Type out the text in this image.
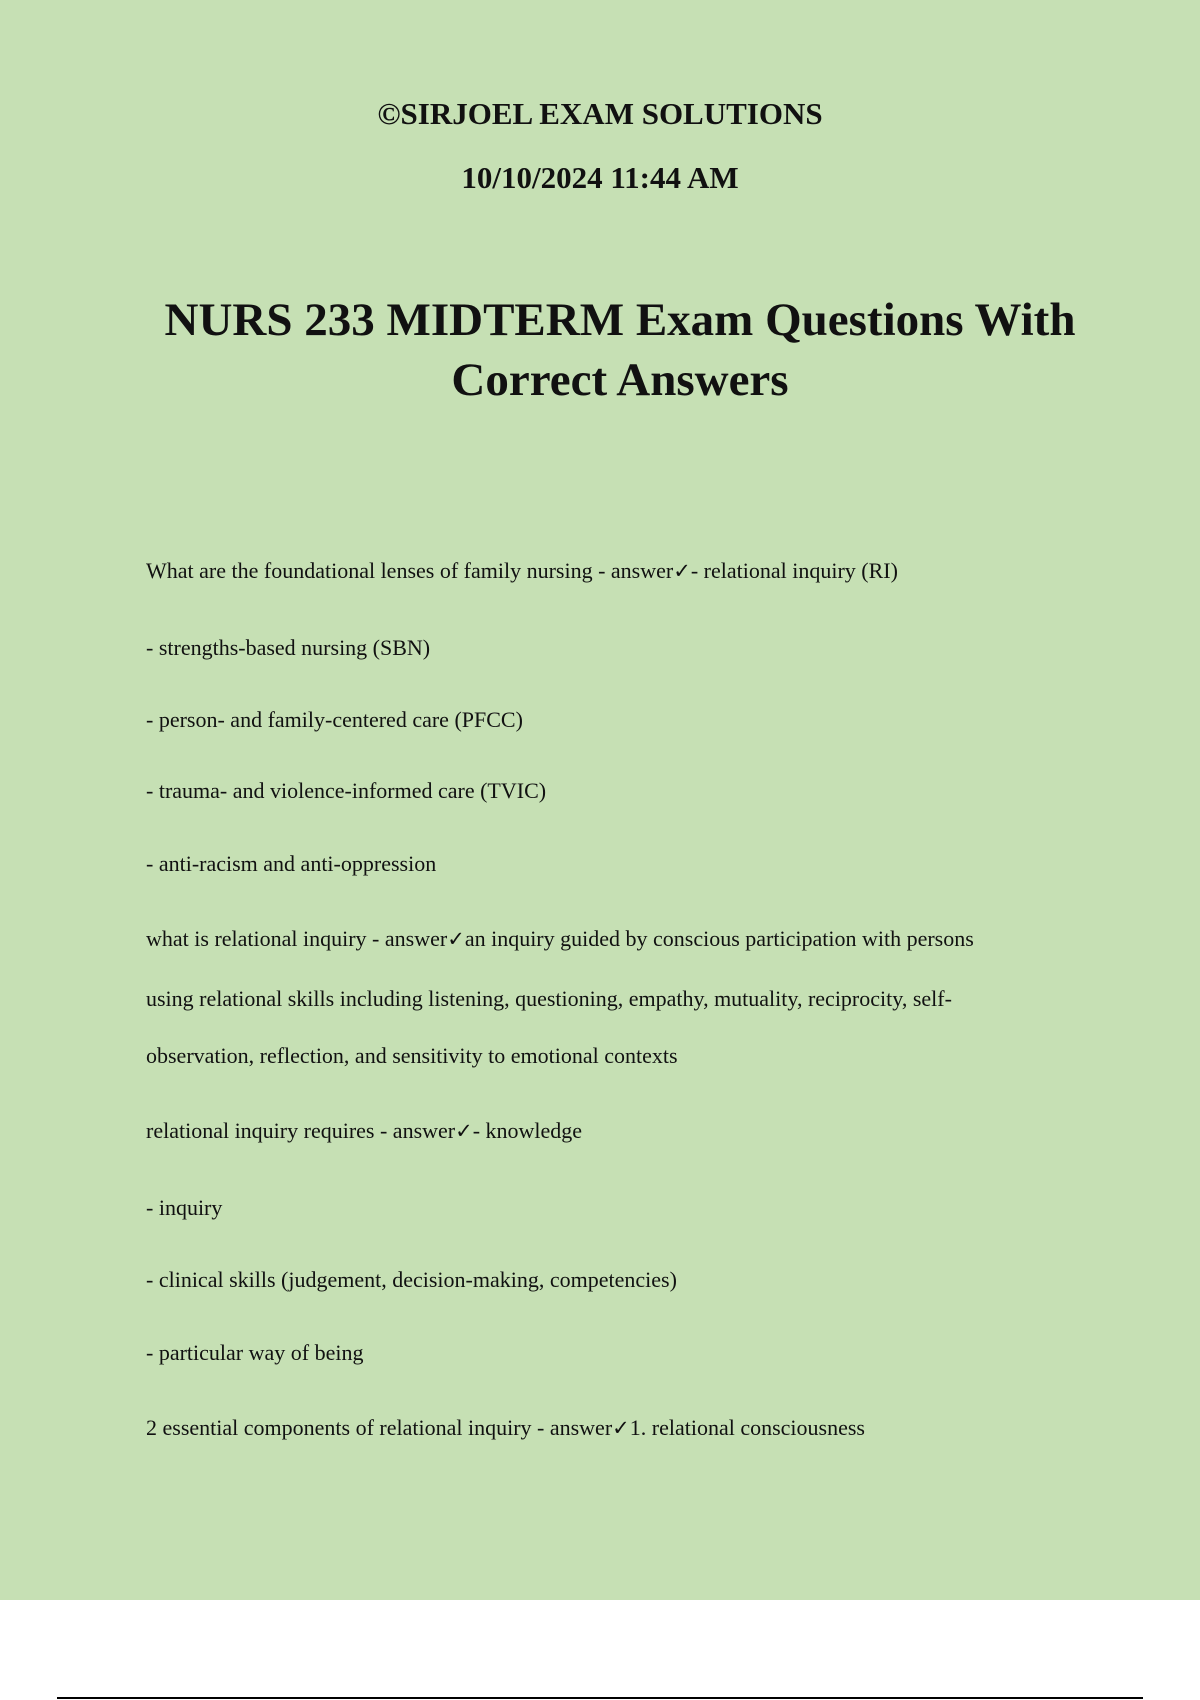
©SIRJOEL EXAM SOLUTIONS

10/10/2024 11:44 AM

NURS 233 MIDTERM Exam Questions With
Correct Answers

What are the foundational lenses of family nursing - answer✓- relational inquiry (RI)

- strengths-based nursing (SBN)

- person- and family-centered care (PFCC)

- trauma- and violence-informed care (TVIC)

- anti-racism and anti-oppression

what is relational inquiry - answer✓an inquiry guided by conscious participation with persons

using relational skills including listening, questioning, empathy, mutuality, reciprocity, self-

observation, reflection, and sensitivity to emotional contexts

relational inquiry requires - answer✓- knowledge

- inquiry

- clinical skills (judgement, decision-making, competencies)

- particular way of being

2 essential components of relational inquiry - answer✓1. relational consciousness
